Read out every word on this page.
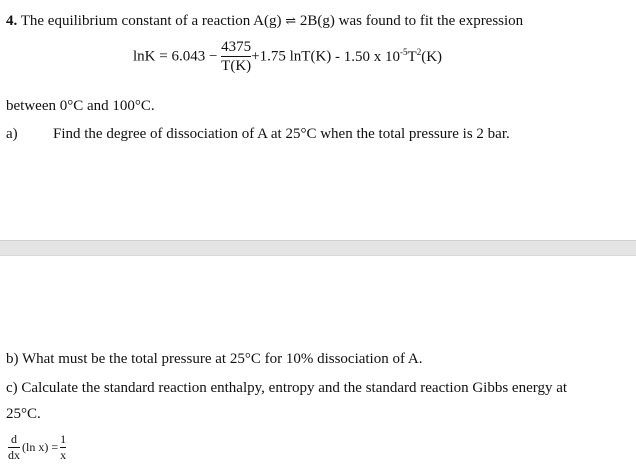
4. The equilibrium constant of a reaction A(g) ⇌ 2B(g) was found to fit the expression
$\ln K = 6.043 - \frac{4375}{T(K)} +1.75$ lnT(K) - 1.50 x $10^{-5}T^2(K)$
between 0°C and 100°C.
a) Find the degree of dissociation of A at 25°C when the total pressure is 2 bar.
b) What must be the total pressure at 25°C for 10% dissociation of A.
c) Calculate the standard reaction enthalpy, entropy and the standard reaction Gibbs energy at
25°C.
$\frac{d}{dx} (\ln$ $x) = \frac{1}{x}$
